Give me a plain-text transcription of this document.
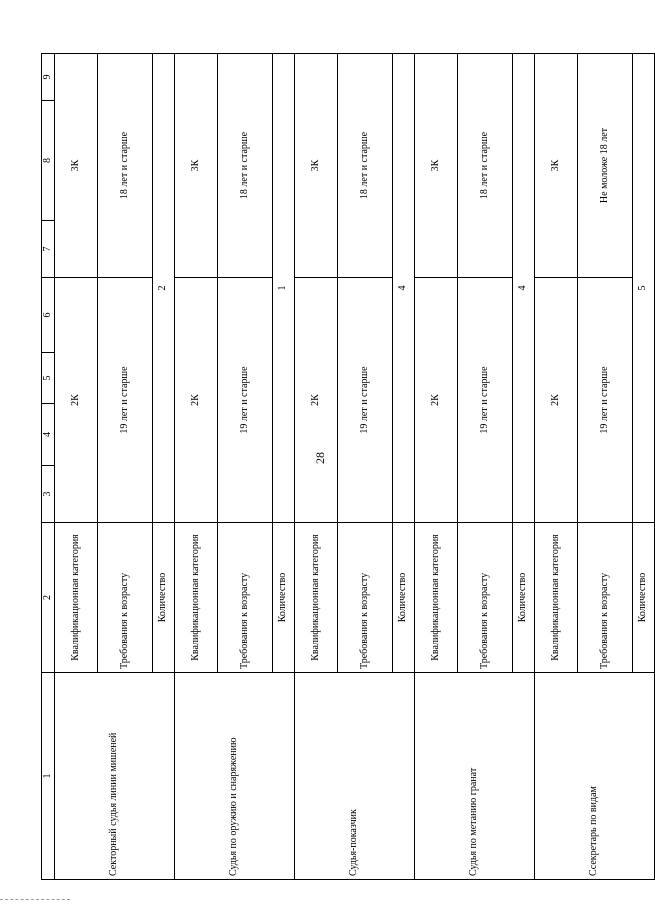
28
1	2	3	4	5	6	7	8	9
Секторный судья линии мишеней	Квалификационная категория	2К				3К		
	Требования к возрасту	19 лет и старше				18 лет и старше		
	Количество	2						
Судья по оружию и снаряжению	Квалификационная категория	2К				3К		
	Требования к возрасту	19 лет и старше				18 лет и старше		
	Количество	1						
Судья-показчик	Квалификационная категория	2К				3К		
	Требования к возрасту	19 лет и старше				18 лет и старше		
	Количество	4						
Судья по метанию гранат	Квалификационная категория	2К				3К		
	Требования к возрасту	19 лет и старше				18 лет и старше		
	Количество	4						
Ссекретарь по видам	Квалификационная категория	2К				3К		
	Требования к возрасту	19 лет и старше				Не моложе 18 лет		
	Количество	5						
